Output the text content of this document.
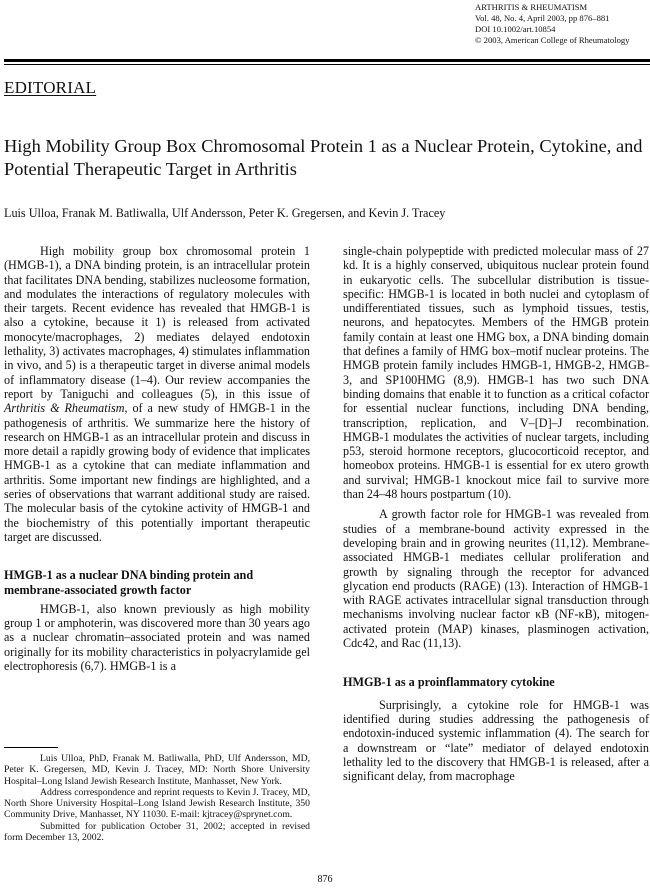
ARTHRITIS & RHEUMATISM
Vol. 48, No. 4, April 2003, pp 876–881
DOI 10.1002/art.10854
© 2003, American College of Rheumatology
EDITORIAL
High Mobility Group Box Chromosomal Protein 1 as a Nuclear Protein, Cytokine, and Potential Therapeutic Target in Arthritis
Luis Ulloa, Franak M. Batliwalla, Ulf Andersson, Peter K. Gregersen, and Kevin J. Tracey

High mobility group box chromosomal protein 1 (HMGB-1), a DNA binding protein, is an intracellular protein that facilitates DNA bending, stabilizes nucleosome formation, and modulates the interactions of regulatory molecules with their targets. Recent evidence has revealed that HMGB-1 is also a cytokine, because it 1) is released from activated monocyte/macrophages, 2) mediates delayed endotoxin lethality, 3) activates macrophages, 4) stimulates inflammation in vivo, and 5) is a therapeutic target in diverse animal models of inflammatory disease (1–4). Our review accompanies the report by Taniguchi and colleagues (5), in this issue of Arthritis & Rheumatism, of a new study of HMGB-1 in the pathogenesis of arthritis. We summarize here the history of research on HMGB-1 as an intracellular protein and discuss in more detail a rapidly growing body of evidence that implicates HMGB-1 as a cytokine that can mediate inflammation and arthritis. Some important new findings are highlighted, and a series of observations that warrant additional study are raised. The molecular basis of the cytokine activity of HMGB-1 and the biochemistry of this potentially important therapeutic target are discussed.

HMGB-1 as a nuclear DNA binding protein and membrane-associated growth factor

HMGB-1, also known previously as high mobility group 1 or amphoterin, was discovered more than 30 years ago as a nuclear chromatin–associated protein and was named originally for its mobility characteristics in polyacrylamide gel electrophoresis (6,7). HMGB-1 is a

Luis Ulloa, PhD, Franak M. Batliwalla, PhD, Ulf Andersson, MD, Peter K. Gregersen, MD, Kevin J. Tracey, MD: North Shore University Hospital–Long Island Jewish Research Institute, Manhasset, New York.

Address correspondence and reprint requests to Kevin J. Tracey, MD, North Shore University Hospital–Long Island Jewish Research Institute, 350 Community Drive, Manhasset, NY 11030. E-mail: kjtracey@sprynet.com.

Submitted for publication October 31, 2002; accepted in revised form December 13, 2002.

single-chain polypeptide with predicted molecular mass of 27 kd. It is a highly conserved, ubiquitous nuclear protein found in eukaryotic cells. The subcellular distribution is tissue-specific: HMGB-1 is located in both nuclei and cytoplasm of undifferentiated tissues, such as lymphoid tissues, testis, neurons, and hepatocytes. Members of the HMGB protein family contain at least one HMG box, a DNA binding domain that defines a family of HMG box–motif nuclear proteins. The HMGB protein family includes HMGB-1, HMGB-2, HMGB-3, and SP100HMG (8,9). HMGB-1 has two such DNA binding domains that enable it to function as a critical cofactor for essential nuclear functions, including DNA bending, transcription, replication, and V–[D]–J recombination. HMGB-1 modulates the activities of nuclear targets, including p53, steroid hormone receptors, glucocorticoid receptor, and homeobox proteins. HMGB-1 is essential for ex utero growth and survival; HMGB-1 knockout mice fail to survive more than 24–48 hours postpartum (10).

A growth factor role for HMGB-1 was revealed from studies of a membrane-bound activity expressed in the developing brain and in growing neurites (11,12). Membrane-associated HMGB-1 mediates cellular proliferation and growth by signaling through the receptor for advanced glycation end products (RAGE) (13). Interaction of HMGB-1 with RAGE activates intracellular signal transduction through mechanisms involving nuclear factor κB (NF-κB), mitogen-activated protein (MAP) kinases, plasminogen activation, Cdc42, and Rac (11,13).

HMGB-1 as a proinflammatory cytokine

Surprisingly, a cytokine role for HMGB-1 was identified during studies addressing the pathogenesis of endotoxin-induced systemic inflammation (4). The search for a downstream or “late” mediator of delayed endotoxin lethality led to the discovery that HMGB-1 is released, after a significant delay, from macrophage

876
